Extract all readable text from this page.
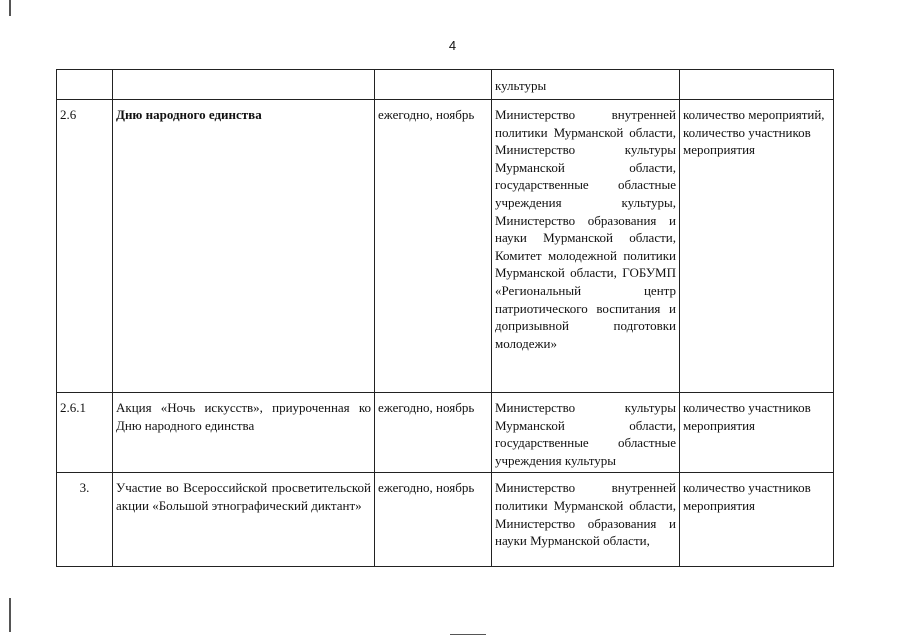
4
			культуры	
2.6	Дню народного единства	ежегодно, ноябрь	Министерство внутренней политики Мурманской области, Министерство культуры Мурманской области, государственные областные учреждения культуры, Министерство образования и науки Мурманской области, Комитет молодежной политики Мурманской области, ГОБУМП «Региональный центр патриотического воспитания и допризывной подготовки молодежи»	количество мероприятий, количество участников мероприятия
2.6.1	Акция «Ночь искусств», приуроченная ко Дню народного единства	ежегодно, ноябрь	Министерство культуры Мурманской области, государственные областные учреждения культуры	количество участников мероприятия
3.	Участие во Всероссийской просветительской акции «Большой этнографический диктант»	ежегодно, ноябрь	Министерство внутренней политики Мурманской области, Министерство образования и науки Мурманской области,	количество участников мероприятия
